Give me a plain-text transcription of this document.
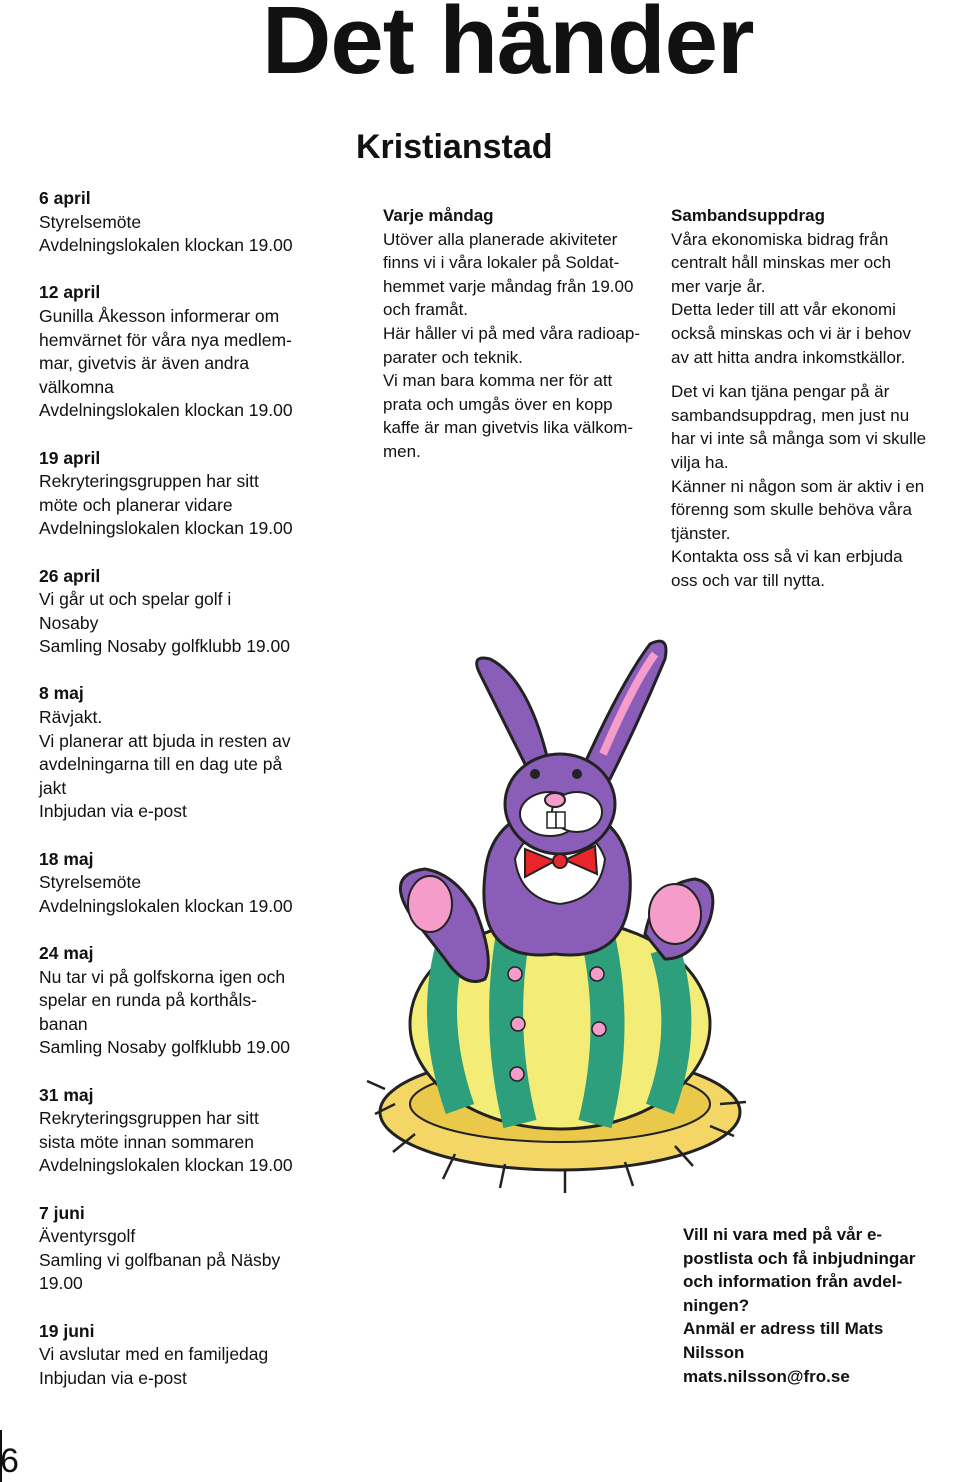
Det händer
Kristianstad
6 april
Styrelsemöte
Avdelningslokalen klockan 19.00
12 april
Gunilla Åkesson informerar om
hemvärnet för våra nya medlem-
mar, givetvis är även andra
välkomna
Avdelningslokalen klockan 19.00
19 april
Rekryteringsgruppen har sitt
möte och planerar vidare
Avdelningslokalen klockan 19.00
26 april
Vi går ut och spelar golf i
Nosaby
Samling Nosaby golfklubb 19.00
8 maj
Rävjakt.
Vi planerar att bjuda in resten av
avdelningarna till en dag ute på
jakt
Inbjudan via e-post
18 maj
Styrelsemöte
Avdelningslokalen klockan 19.00
24 maj
Nu tar vi på golfskorna igen och
spelar en runda på korthåls-
banan
Samling Nosaby golfklubb 19.00
31 maj
Rekryteringsgruppen har sitt
sista möte innan sommaren
Avdelningslokalen klockan 19.00
7 juni
Äventyrsgolf
Samling vi golfbanan på Näsby
19.00
19 juni
Vi avslutar med en familjedag
Inbjudan via e-post
Varje måndag
Utöver alla planerade akiviteter
finns vi i våra lokaler på Soldat-
hemmet varje måndag från 19.00
och framåt.
Här håller vi på med våra radioap-
parater och teknik.
Vi man bara komma ner för att
prata och umgås över en kopp
kaffe är man givetvis lika välkom-
men.
Sambandsuppdrag
Våra ekonomiska bidrag från
centralt håll minskas mer och
mer varje år.
Detta leder till att vår ekonomi
också minskas och vi är i behov
av att hitta andra inkomstkällor.
Det vi kan tjäna pengar på är
sambandsuppdrag, men just nu
har vi inte så många som vi skulle
vilja ha.
Känner ni någon som är aktiv i en
förenng som skulle behöva våra
tjänster.
Kontakta oss så vi kan erbjuda
oss och var till nytta.
Vill ni vara med på vår e-
postlista och få inbjudningar
och information från avdel-
ningen?
Anmäl er adress till Mats
Nilsson
mats.nilsson@fro.se
6
